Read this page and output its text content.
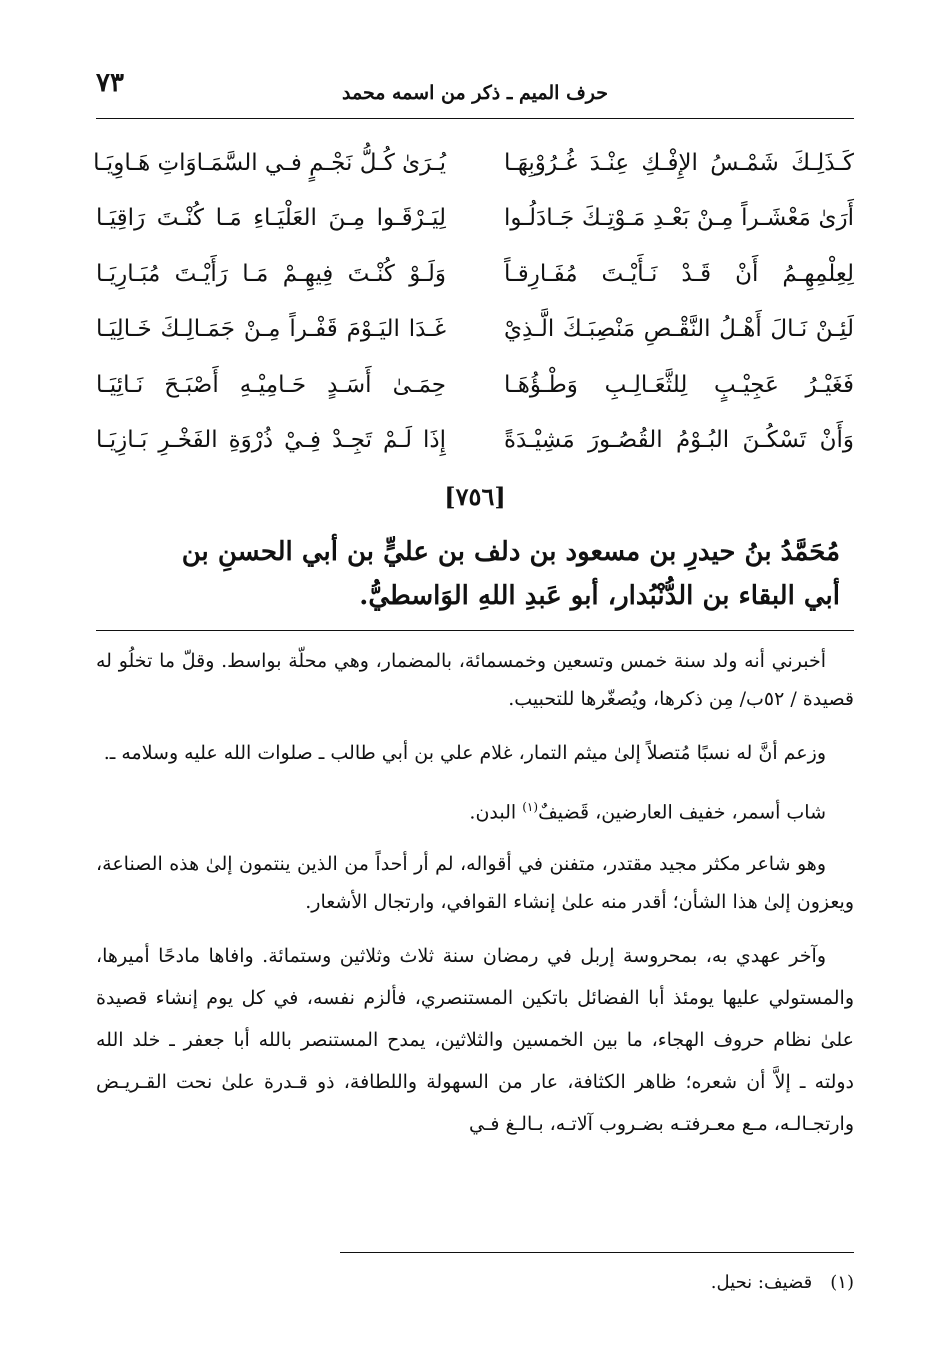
حرف الميم ـ ذكر من اسمه محمد
٧٣
كَـذَلِـكَ شَمْـسُ الإِفْـكِ عِنْـدَ غُـرُوْبِهَـا
يُـرَىٰ كُـلُّ نَجْـمٍ فـي السَّمَـاوَاتِ هَـاوِيَـا
أَرَىٰ مَعْشَـراً مِـنْ بَعْـدِ مَـوْتِـكَ جَـادَلُـوا
لِيَـرْقَـوا مِـنَ العَلْيَـاءِ مَـا كُنْـتَ رَاقِيَـا
لِعِلْمِهِـمُ أَنْ قَـدْ نَـأَيْـتَ مُفَـارِقـاً
وَلَـوْ كُنْـتَ فِيهِـمْ مَـا رَأَيْـتَ مُبَـارِيَـا
لَئِـنْ نَـالَ أَهْـلُ النَّقْـصِ مَنْصِبَـكَ الَّـذِيْ
غَـدَا اليَـوْمَ قَفْـراً مِـنْ جَمَـالِـكَ خَـالِيَـا
فَغَيْـرُ عَجِيْـبٍ لِلثَّعَـالِـبِ وَطْـؤُهَـا
حِمَـىٰ أَسَـدٍ حَـامِيْـهِ أَصْبَـحَ نَـائِيَـا
وَأَنْ تَسْكُـنَ البُـوْمُ القُصُـورَ مَشِيْـدَةً
إِذَا لَـمْ تَجِـدْ فِـيْ ذُرْوَةِ الفَخْـرِ بَـازِيَـا
[٧٥٦]
مُحَمَّدُ بنُ حيدرِ بن مسعود بن دلف بن عليٍّ بن أبي الحسنِ بن
أبي البقاء بن الدُّنْبُدار، أبو عَبدِ اللهِ الوَاسطيُّ.

أخبرني أنه ولد سنة خمس وتسعين وخمسمائة، بالمضمار، وهي محلّة بواسط. وقلّ ما تخلُو له قصيدة / ٥٢ب/ مِن ذكرها، ويُصغّرها للتحبيب.

وزعم أنَّ له نسبًا مُتصلاً إلىٰ ميثم التمار، غلام علي بن أبي طالب ـ صلوات الله عليه وسلامه ـ.

شاب أسمر، خفيف العارضين، قَضيفٌ$^{(١)}$ البدن.

وهو شاعر مكثر مجيد مقتدر، متفنن في أقواله، لم أر أحداً من الذين ينتمون إلىٰ هذه الصناعة، ويعزون إلىٰ هذا الشأن؛ أقدر منه علىٰ إنشاء القوافي، وارتجال الأشعار.

وآخر عهدي به، بمحروسة إربل في رمضان سنة ثلاث وثلاثين وستمائة. وافاها مادحًا أميرها، والمستولي عليها يومئذ أبا الفضائل باتكين المستنصري، فألزم نفسه، في كل يوم إنشاء قصيدة علىٰ نظام حروف الهجاء، ما بين الخمسين والثلاثين، يمدح المستنصر بالله أبا جعفر ـ خلد الله دولته ـ إلاَّ أن شعره؛ ظاهر الكثافة، عار من السهولة واللطافة، ذو قـدرة علىٰ نحت القـريـض وارتجـالـه، مـع معـرفتـه بضـروب آلاتـه، بـالـغ فـي

(١)قضيف: نحيل.
